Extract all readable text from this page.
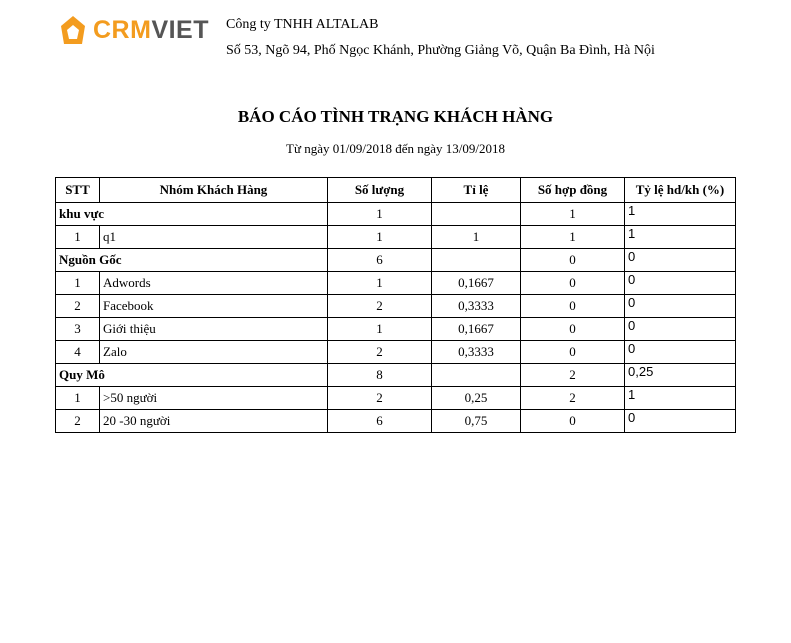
CRMVIET Công ty TNHH ALTALAB
Số 53, Ngõ 94, Phố Ngọc Khánh, Phường Giảng Võ, Quận Ba Đình, Hà Nội
BÁO CÁO TÌNH TRẠNG KHÁCH HÀNG
Từ ngày 01/09/2018 đến ngày 13/09/2018
STT	Nhóm Khách Hàng	Số lượng	Tỉ lệ	Số hợp đồng	Tỷ lệ hd/kh (%)
khu vực		1		1	1
1	q1	1	1	1	1
Nguồn Gốc		6		0	0
1	Adwords	1	0,1667	0	0
2	Facebook	2	0,3333	0	0
3	Giới thiệu	1	0,1667	0	0
4	Zalo	2	0,3333	0	0
Quy Mô		8		2	0,25
1	>50 người	2	0,25	2	1
2	20 -30 người	6	0,75	0	0
